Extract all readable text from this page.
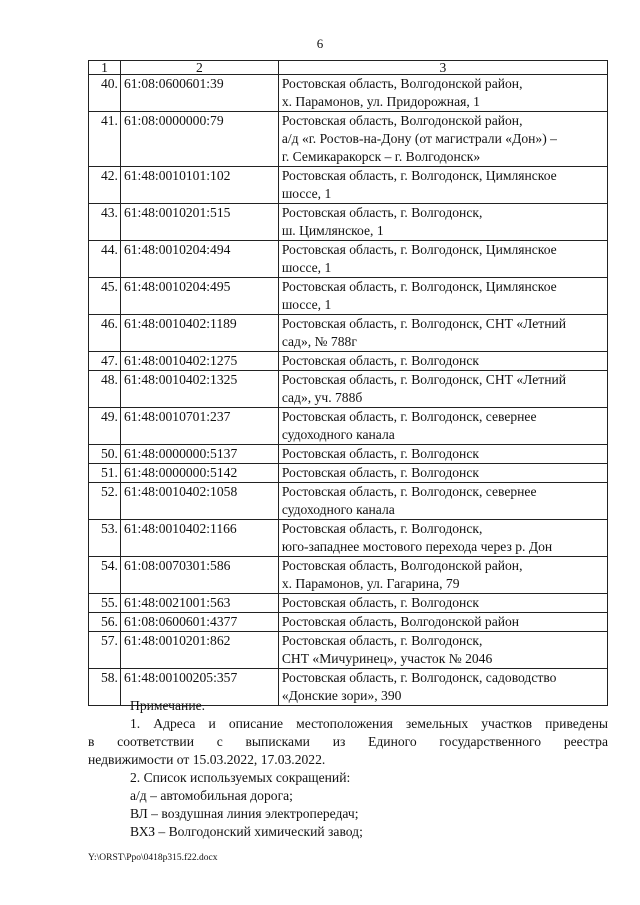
6
1	2	3
40.	61:08:0600601:39	Ростовская область, Волгодонской район,
х. Парамонов, ул. Придорожная, 1

41.	61:08:0000000:79	Ростовская область, Волгодонской район,
а/д «г. Ростов-на-Дону (от магистрали «Дон») –
г. Семикаракорск – г. Волгодонск»

42.	61:48:0010101:102	Ростовская область, г. Волгодонск, Цимлянское
шоссе, 1

43.	61:48:0010201:515	Ростовская область, г. Волгодонск,
ш. Цимлянское, 1

44.	61:48:0010204:494	Ростовская область, г. Волгодонск, Цимлянское
шоссе, 1

45.	61:48:0010204:495	Ростовская область, г. Волгодонск, Цимлянское
шоссе, 1

46.	61:48:0010402:1189	Ростовская область, г. Волгодонск, СНТ «Летний
сад», № 788г

47.	61:48:0010402:1275	Ростовская область, г. Волгодонск

48.	61:48:0010402:1325	Ростовская область, г. Волгодонск, СНТ «Летний
сад», уч. 788б

49.	61:48:0010701:237	Ростовская область, г. Волгодонск, севернее
судоходного канала

50.	61:48:0000000:5137	Ростовская область, г. Волгодонск

51.	61:48:0000000:5142	Ростовская область, г. Волгодонск

52.	61:48:0010402:1058	Ростовская область, г. Волгодонск, севернее
судоходного канала

53.	61:48:0010402:1166	Ростовская область, г. Волгодонск,
юго-западнее мостового перехода через р. Дон

54.	61:08:0070301:586	Ростовская область, Волгодонской район,
х. Парамонов, ул. Гагарина, 79

55.	61:48:0021001:563	Ростовская область, г. Волгодонск

56.	61:08:0600601:4377	Ростовская область, Волгодонской район

57.	61:48:0010201:862	Ростовская область, г. Волгодонск,
СНТ «Мичуринец», участок № 2046

58.	61:48:00100205:357	Ростовская область, г. Волгодонск, садоводство
«Донские зори», 390

Примечание.

1. Адреса и описание местоположения земельных участков приведены

в соответствии с выписками из Единого государственного реестра

недвижимости от 15.03.2022, 17.03.2022.

2. Список используемых сокращений:

а/д – автомобильная дорога;

ВЛ – воздушная линия электропередач;

ВХЗ – Волгодонский химический завод;

Y:\ORST\Ppo\0418p315.f22.docx
